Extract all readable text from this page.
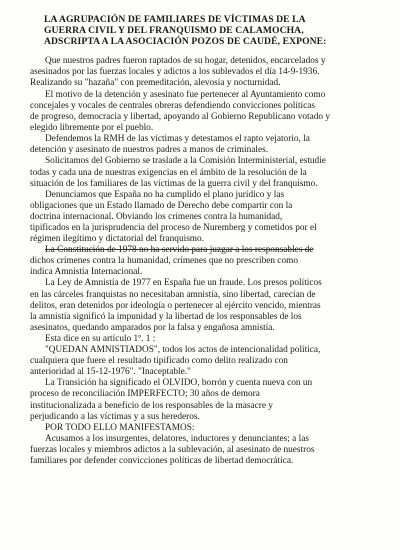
LA AGRUPACIÓN DE FAMILIARES DE VÍCTIMAS DE LA
GUERRA CIVIL Y DEL FRANQUISMO DE CALAMOCHA,
ADSCRIPTA A LA ASOCIACIÓN POZOS DE CAUDÉ, EXPONE:

Que nuestros padres fueron raptados de su hogar, detenidos, encarcelados y
asesinados por las fuerzas locales y adictos a los sublevados el día 14-9-1936.
Realizando su "hazaña" con premeditación, alevosía y nocturnidad.

El motivo de la detención y asesinato fue pertenecer al Ayuntamiento como
concejales y vocales de centrales obreras defendiendo convicciones políticas
de progreso, democracia y libertad, apoyando al Gobierno Republicano votado y
elegido libremente por el pueblo.

Defendemos la RMH de las víctimas y detestamos el rapto vejatorio, la
detención y asesinato de nuestros padres a manos de criminales.

Solicitamos del Gobierno se traslade a la Comisión Interministerial, estudie
todas y cada una de nuestras exigencias en el ámbito de la resolución de la
situación de los familiares de las víctimas de la guerra civil y del franquismo.

Denunciamos que España no ha cumplido el plano jurídico y las
obligaciones que un Estado llamado de Derecho debe compartir con la
doctrina internacional. Obviando los crímenes contra la humanidad,
tipificados en la jurisprudencia del proceso de Nuremberg y cometidos por el
régimen ilegítimo y dictatorial del franquismo.

La Constitución de 1978 no ha servido para juzgar a los responsables de
dichos crímenes contra la humanidad, crímenes que no prescriben como
indica Amnistía Internacional.

La Ley de Amnistía de 1977 en España fue un fraude. Los presos políticos
en las cárceles franquistas no necesitaban amnistía, sino libertad, carecían de
delitos, eran detenidos por ideología o pertenecer al ejército vencido, mientras
la amnistía significó la impunidad y la libertad de los responsables de los
asesinatos, quedando amparados por la falsa y engañosa amnistía.

Esta dice en su artículo 1º. 1 :
"QUEDAN AMNISTIADOS", todos los actos de intencionalidad política,
cualquiera que fuere el resultado tipificado como delito realizado con
anterioridad al 15-12-1976". "Inaceptable."

La Transición ha significado el OLVIDO, borrón y cuenta nueva con un
proceso de reconciliación IMPERFECTO; 30 años de demora
institucionalizada a beneficio de los responsables de la masacre y
perjudicando a las víctimas y a sus herederos.

POR TODO ELLO MANIFESTAMOS:

Acusamos a los insurgentes, delatores, inductores y denunciantes; a las
fuerzas locales y miembros adictos a la sublevación, al asesinato de nuestros
familiares por defender convicciones políticas de libertad democrática.
